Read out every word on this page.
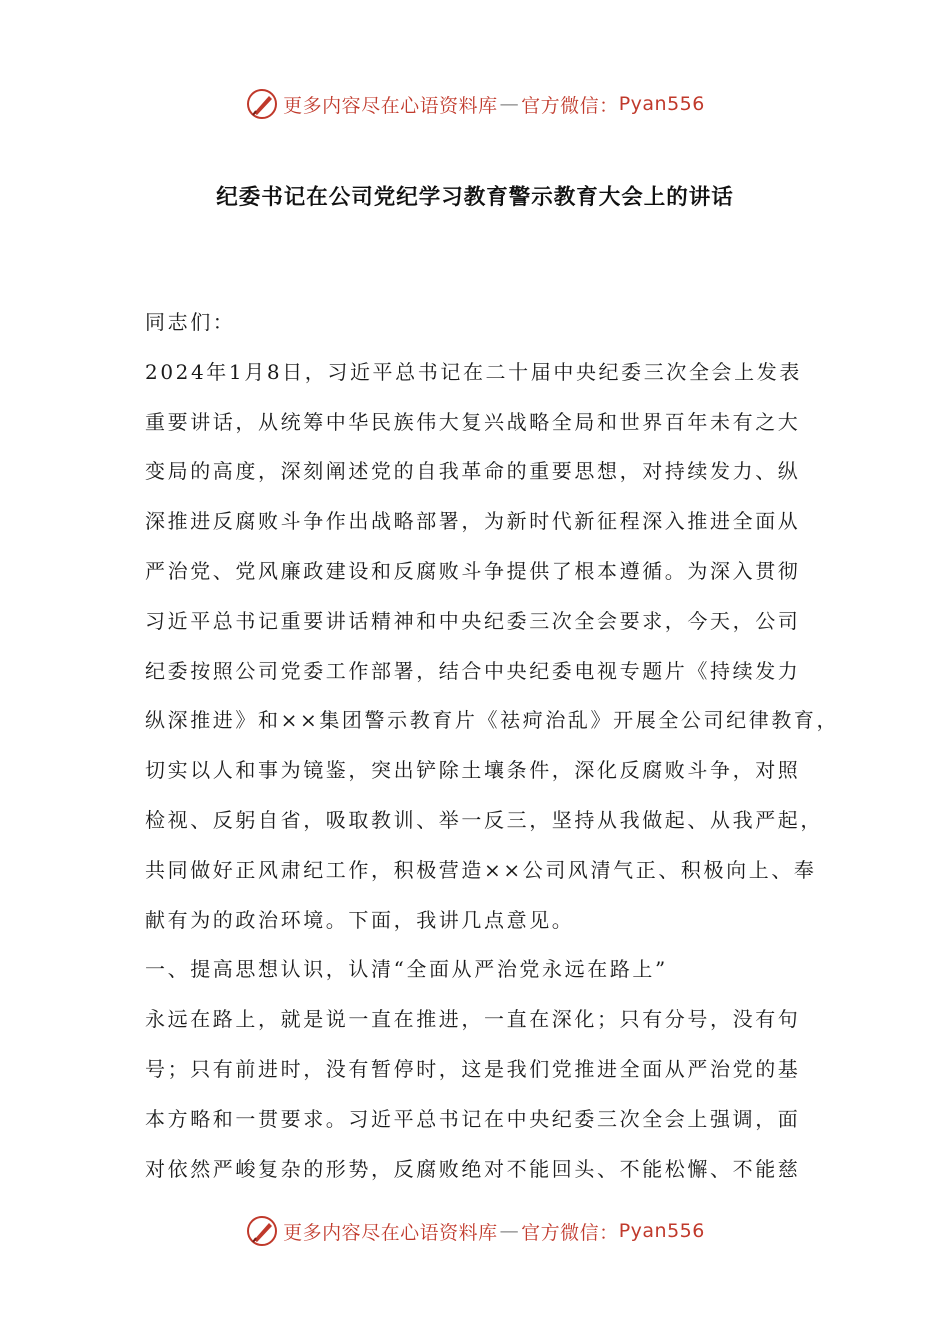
更多内容尽在心语资料库 — 官方微信： Pyan556
纪委书记在公司党纪学习教育警示教育大会上的讲话
同志们：
2024年1月8日，习近平总书记在二十届中央纪委三次全会上发表
重要讲话，从统筹中华民族伟大复兴战略全局和世界百年未有之大
变局的高度，深刻阐述党的自我革命的重要思想，对持续发力、纵
深推进反腐败斗争作出战略部署，为新时代新征程深入推进全面从
严治党、党风廉政建设和反腐败斗争提供了根本遵循。为深入贯彻
习近平总书记重要讲话精神和中央纪委三次全会要求，今天，公司
纪委按照公司党委工作部署，结合中央纪委电视专题片《持续发力
纵深推进》和××集团警示教育片《祛疴治乱》开展全公司纪律教育，
切实以人和事为镜鉴，突出铲除土壤条件，深化反腐败斗争，对照
检视、反躬自省，吸取教训、举一反三，坚持从我做起、从我严起，
共同做好正风肃纪工作，积极营造××公司风清气正、积极向上、奉
献有为的政治环境。下面，我讲几点意见。
一、提高思想认识，认清“全面从严治党永远在路上”
永远在路上，就是说一直在推进，一直在深化；只有分号，没有句
号；只有前进时，没有暂停时，这是我们党推进全面从严治党的基
本方略和一贯要求。习近平总书记在中央纪委三次全会上强调，面
对依然严峻复杂的形势，反腐败绝对不能回头、不能松懈、不能慈
更多内容尽在心语资料库 — 官方微信： Pyan556
